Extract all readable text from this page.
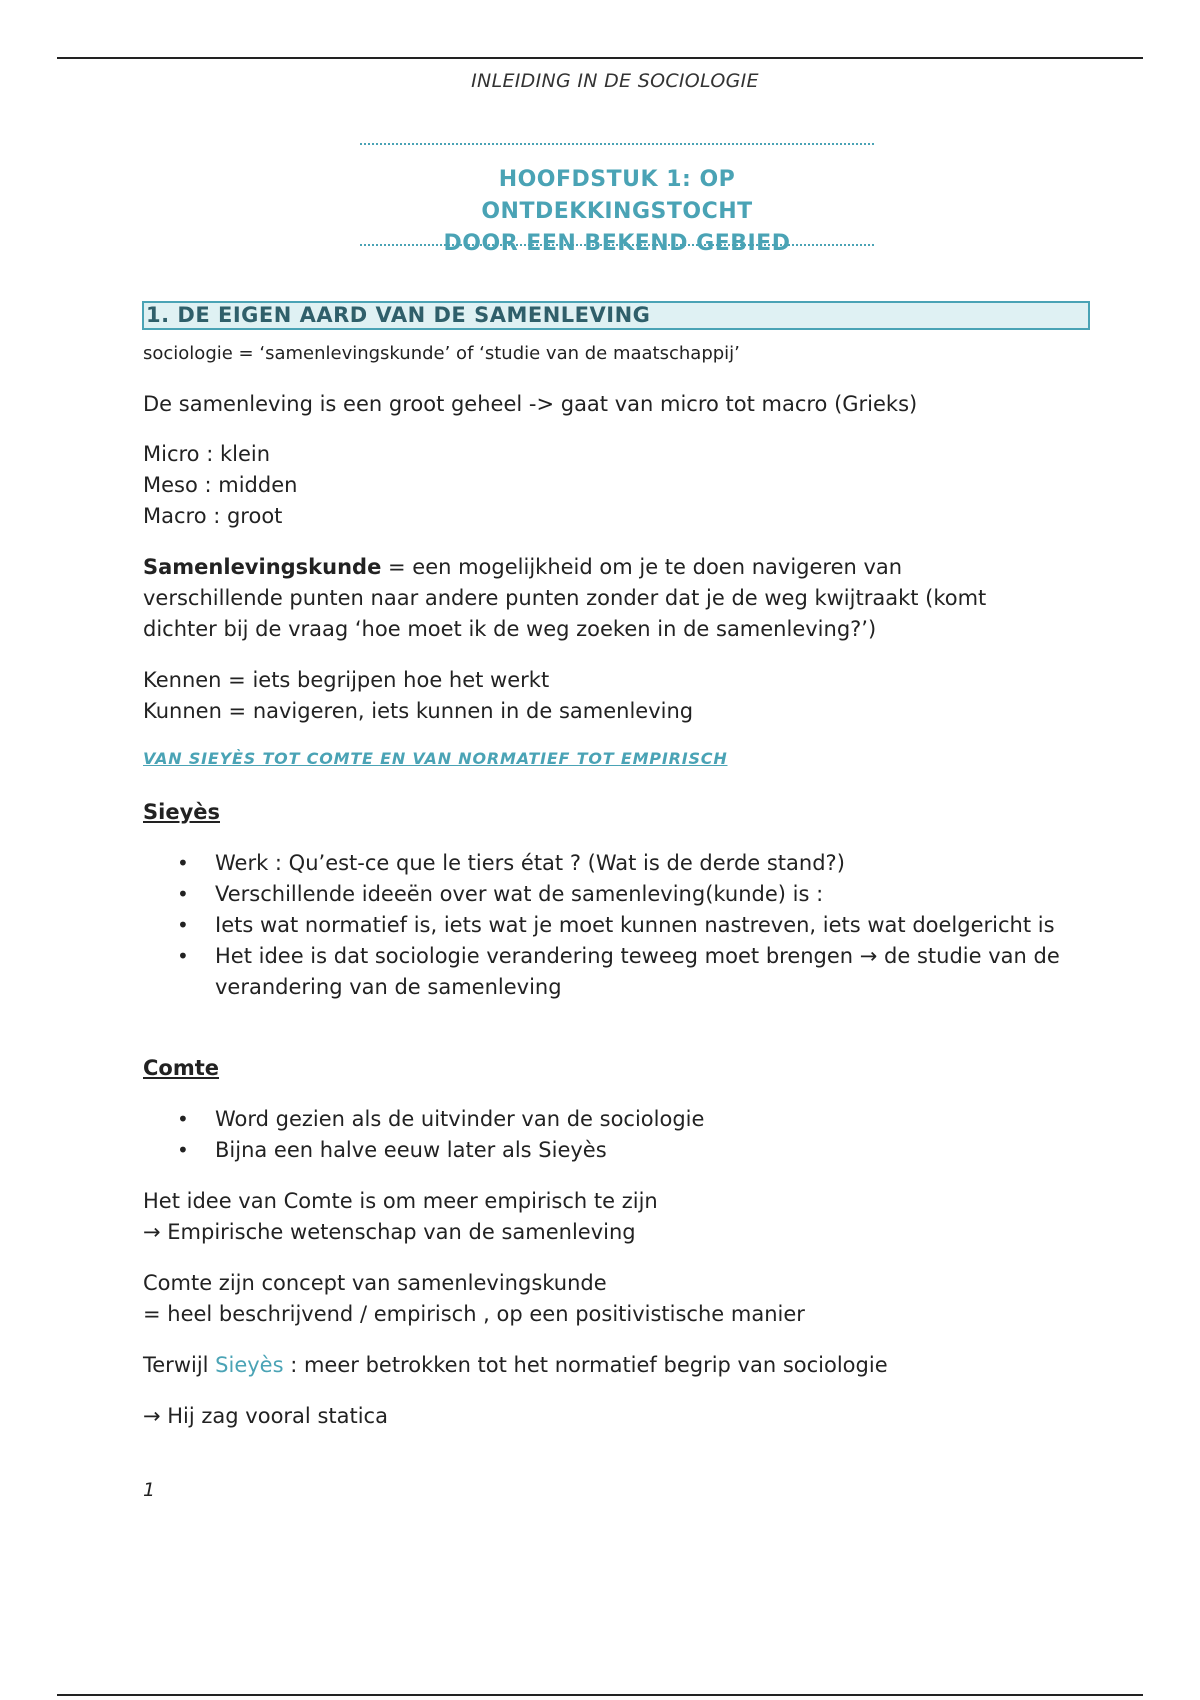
INLEIDING IN DE SOCIOLOGIE
HOOFDSTUK 1: OP ONTDEKKINGSTOCHT
DOOR EEN BEKEND GEBIED
1. DE EIGEN AARD VAN DE SAMENLEVING
sociologie = ‘samenlevingskunde’ of ‘studie van de maatschappij’
De samenleving is een groot geheel -> gaat van micro tot macro (Grieks)
Micro : klein
Meso : midden
Macro : groot
Samenlevingskunde = een mogelijkheid om je te doen navigeren van
verschillende punten naar andere punten zonder dat je de weg kwijtraakt (komt
dichter bij de vraag ‘hoe moet ik de weg zoeken in de samenleving?’)
Kennen = iets begrijpen hoe het werkt
Kunnen = navigeren, iets kunnen in de samenleving
VAN SIEYÈS TOT COMTE EN VAN NORMATIEF TOT EMPIRISCH
Sieyès
• Werk : Qu’est-ce que le tiers état ? (Wat is de derde stand?)
• Verschillende ideeën over wat de samenleving(kunde) is :
• Iets wat normatief is, iets wat je moet kunnen nastreven, iets wat doelgericht is
• Het idee is dat sociologie verandering teweeg moet brengen → de studie van de verandering van de samenleving
Comte
• Word gezien als de uitvinder van de sociologie
• Bijna een halve eeuw later als Sieyès
Het idee van Comte is om meer empirisch te zijn
→ Empirische wetenschap van de samenleving
Comte zijn concept van samenlevingskunde
= heel beschrijvend / empirisch , op een positivistische manier
Terwijl Sieyès : meer betrokken tot het normatief begrip van sociologie
→ Hij zag vooral statica
1
